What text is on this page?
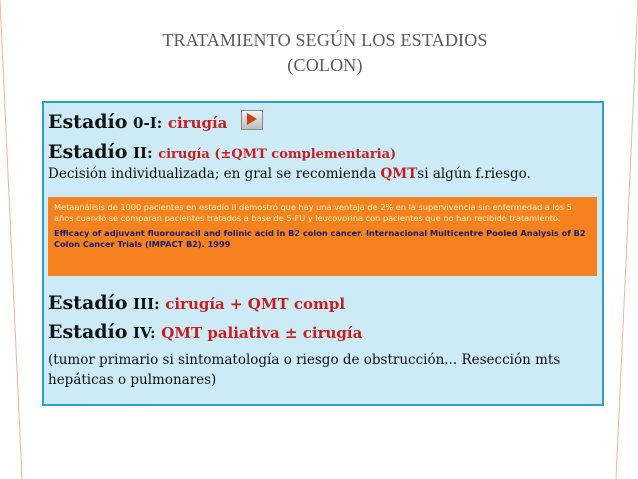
TRATAMIENTO SEGÚN LOS ESTADIOS
(COLON)
Estadío 0-I: cirugía
Estadío II: cirugía (±QMT complementaria)
Decisión individualizada; en gral se recomienda QMTsi algún f.riesgo.
Metaanálisis de 1000 pacientes en estadío II demostró que hay una ventaja de 2% en la supervivencia sin enfermedad a los 5 años cuando se comparan pacientes tratados a base de 5-FU y leucovorina con pacientes que no han recibido tratamiento.
Efficacy of adjuvant fluorouracil and folinic acid in B2 colon cancer. Internacional Multicentre Pooled Analysis of B2 Colon Cancer Trials (IMPACT B2). 1999
Estadío III: cirugía + QMT compl
Estadío IV: QMT paliativa ± cirugía
(tumor primario si sintomatología o riesgo de obstrucción... Resección mts hepáticas o pulmonares)
